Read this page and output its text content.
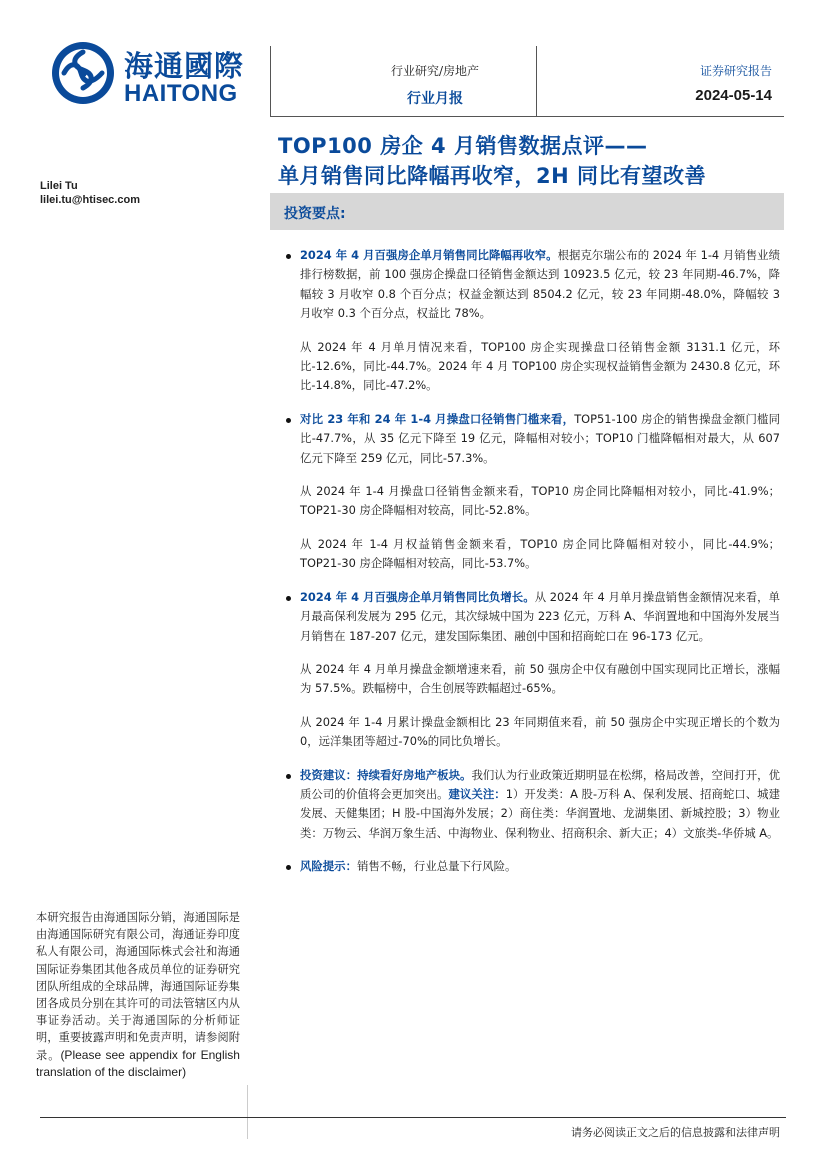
海通國際
HAITONG
行业研究/房地产
行业月报
证券研究报告
2024-05-14
TOP100 房企 4 月销售数据点评——
单月销售同比降幅再收窄，2H 同比有望改善
Lilei Tu
lilei.tu@htisec.com
投资要点:
2024 年 4 月百强房企单月销售同比降幅再收窄。根据克尔瑞公布的 2024 年 1-4 月销售业绩排行榜数据，前 100 强房企操盘口径销售金额达到 10923.5 亿元，较 23 年同期-46.7%，降幅较 3 月收窄 0.8 个百分点；权益金额达到 8504.2 亿元，较 23 年同期-48.0%，降幅较 3 月收窄 0.3 个百分点，权益比 78%。
从 2024 年 4 月单月情况来看，TOP100 房企实现操盘口径销售金额 3131.1 亿元，环比-12.6%，同比-44.7%。2024 年 4 月 TOP100 房企实现权益销售金额为 2430.8 亿元，环比-14.8%，同比-47.2%。
对比 23 年和 24 年 1-4 月操盘口径销售门槛来看，TOP51-100 房企的销售操盘金额门槛同比-47.7%，从 35 亿元下降至 19 亿元，降幅相对较小；TOP10 门槛降幅相对最大，从 607 亿元下降至 259 亿元，同比-57.3%。
从 2024 年 1-4 月操盘口径销售金额来看，TOP10 房企同比降幅相对较小，同比-41.9%；TOP21-30 房企降幅相对较高，同比-52.8%。
从 2024 年 1-4 月权益销售金额来看，TOP10 房企同比降幅相对较小，同比-44.9%；TOP21-30 房企降幅相对较高，同比-53.7%。
2024 年 4 月百强房企单月销售同比负增长。从 2024 年 4 月单月操盘销售金额情况来看，单月最高保利发展为 295 亿元，其次绿城中国为 223 亿元，万科 A、华润置地和中国海外发展当月销售在 187-207 亿元，建发国际集团、融创中国和招商蛇口在 96-173 亿元。
从 2024 年 4 月单月操盘金额增速来看，前 50 强房企中仅有融创中国实现同比正增长，涨幅为 57.5%。跌幅榜中，合生创展等跌幅超过-65%。
从 2024 年 1-4 月累计操盘金额相比 23 年同期值来看，前 50 强房企中实现正增长的个数为 0，远洋集团等超过-70%的同比负增长。
投资建议：持续看好房地产板块。我们认为行业政策近期明显在松绑，格局改善，空间打开，优质公司的价值将会更加突出。建议关注：1）开发类：A 股-万科 A、保利发展、招商蛇口、城建发展、天健集团；H 股-中国海外发展；2）商住类：华润置地、龙湖集团、新城控股；3）物业类：万物云、华润万象生活、中海物业、保利物业、招商积余、新大正；4）文旅类-华侨城 A。
风险提示：销售不畅，行业总量下行风险。
本研究报告由海通国际分销，海通国际是由海通国际研究有限公司，海通证券印度私人有限公司，海通国际株式会社和海通国际证券集团其他各成员单位的证券研究团队所组成的全球品牌，海通国际证券集团各成员分别在其许可的司法管辖区内从事证券活动。关于海通国际的分析师证明，重要披露声明和免责声明，请参阅附录。(Please see appendix for English translation of the disclaimer)
请务必阅读正文之后的信息披露和法律声明
